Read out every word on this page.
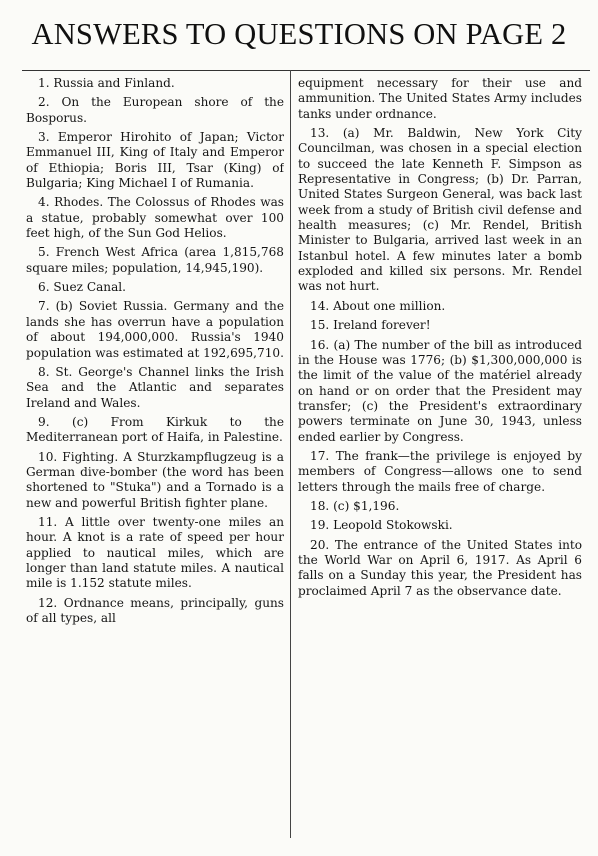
ANSWERS TO QUESTIONS ON PAGE 2

1. Russia and Finland.

2. On the European shore of the Bosporus.

3. Emperor Hirohito of Japan; Victor Emmanuel III, King of Italy and Emperor of Ethiopia; Boris III, Tsar (King) of Bulgaria; King Michael I of Rumania.

4. Rhodes. The Colossus of Rhodes was a statue, probably somewhat over 100 feet high, of the Sun God Helios.

5. French West Africa (area 1,815,768 square miles; population, 14,945,190).

6. Suez Canal.

7. (b) Soviet Russia. Germany and the lands she has overrun have a population of about 194,000,000. Russia's 1940 population was estimated at 192,695,710.

8. St. George's Channel links the Irish Sea and the Atlantic and separates Ireland and Wales.

9. (c) From Kirkuk to the Mediterranean port of Haifa, in Palestine.

10. Fighting. A Sturzkampflugzeug is a German dive-bomber (the word has been shortened to "Stuka") and a Tornado is a new and powerful British fighter plane.

11. A little over twenty-one miles an hour. A knot is a rate of speed per hour applied to nautical miles, which are longer than land statute miles. A nautical mile is 1.152 statute miles.

12. Ordnance means, principally, guns of all types, all

equipment necessary for their use and ammunition. The United States Army includes tanks under ordnance.

13. (a) Mr. Baldwin, New York City Councilman, was chosen in a special election to succeed the late Kenneth F. Simpson as Representative in Congress; (b) Dr. Parran, United States Surgeon General, was back last week from a study of British civil defense and health measures; (c) Mr. Rendel, British Minister to Bulgaria, arrived last week in an Istanbul hotel. A few minutes later a bomb exploded and killed six persons. Mr. Rendel was not hurt.

14. About one million.

15. Ireland forever!

16. (a) The number of the bill as introduced in the House was 1776; (b) $1,300,000,000 is the limit of the value of the matériel already on hand or on order that the President may transfer; (c) the President's extraordinary powers terminate on June 30, 1943, unless ended earlier by Congress.

17. The frank—the privilege is enjoyed by members of Congress—allows one to send letters through the mails free of charge.

18. (c) $1,196.

19. Leopold Stokowski.

20. The entrance of the United States into the World War on April 6, 1917. As April 6 falls on a Sunday this year, the President has proclaimed April 7 as the observance date.
